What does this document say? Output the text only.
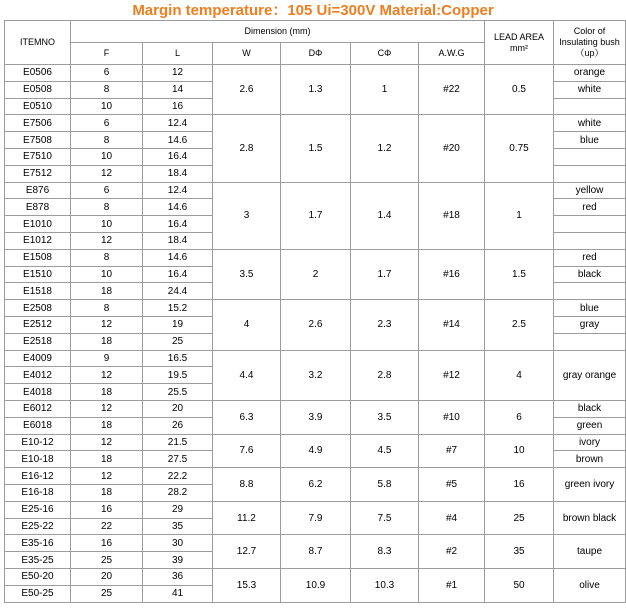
Margin temperature：105 Ui=300V Material:Copper
ITEMNO	Dimension (mm)						LEAD AREA
mm²	Color of Insulating bush（up）
	F	L	W	DΦ	CΦ	A.W.G		
E0506	6	12	2.6	1.3	1	#22	0.5	orange
E0508	8	14						white
E0510	10	16						
E7506	6	12.4	2.8	1.5	1.2	#20	0.75	white
E7508	8	14.6						blue
E7510	10	16.4						
E7512	12	18.4						
E876	6	12.4	3	1.7	1.4	#18	1	yellow
E878	8	14.6						red
E1010	10	16.4						
E1012	12	18.4						
E1508	8	14.6	3.5	2	1.7	#16	1.5	red
E1510	10	16.4						black
E1518	18	24.4						
E2508	8	15.2	4	2.6	2.3	#14	2.5	blue
E2512	12	19						gray
E2518	18	25						
E4009	9	16.5	4.4	3.2	2.8	#12	4	gray orange
E4012	12	19.5						
E4018	18	25.5						
E6012	12	20	6.3	3.9	3.5	#10	6	black
E6018	18	26						green
E10-12	12	21.5	7.6	4.9	4.5	#7	10	ivory
E10-18	18	27.5						brown
E16-12	12	22.2	8.8	6.2	5.8	#5	16	green ivory
E16-18	18	28.2						
E25-16	16	29	11.2	7.9	7.5	#4	25	brown black
E25-22	22	35						
E35-16	16	30	12.7	8.7	8.3	#2	35	taupe
E35-25	25	39						
E50-20	20	36	15.3	10.9	10.3	#1	50	olive
E50-25	25	41						
